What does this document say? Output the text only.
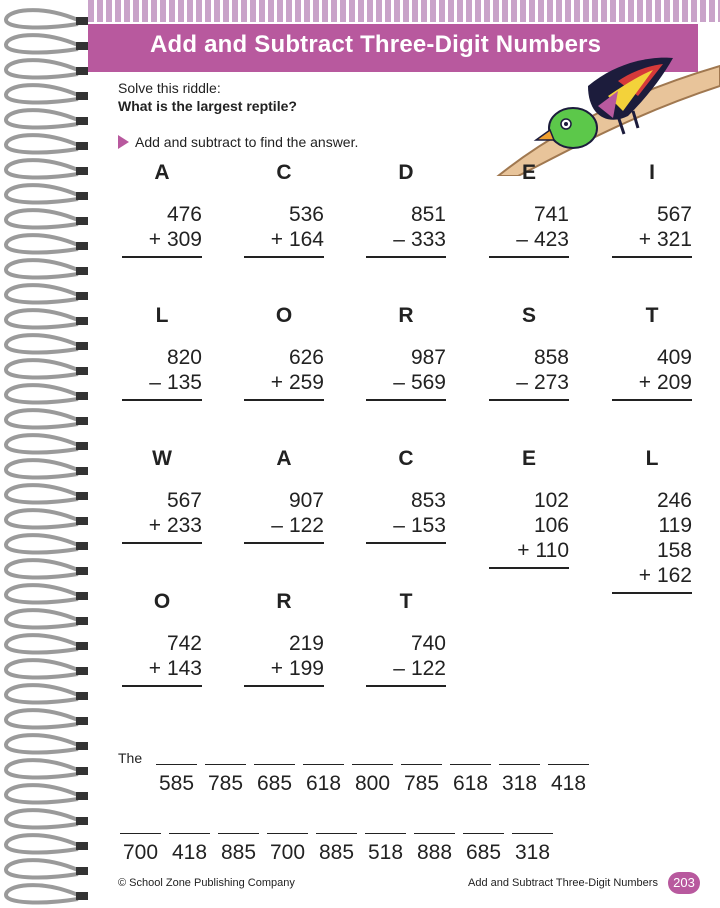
Add and Subtract Three-Digit Numbers
Solve this riddle:
What is the largest reptile?
Add and subtract to find the answer.
A
476
+ 309
C
536
+ 164
D
851
– 333
E
741
– 423
I
567
+ 321
L
820
– 135
O
626
+ 259
R
987
– 569
S
858
– 273
T
409
+ 209
W
567
+ 233
A
907
– 122
C
853
– 153
E
102
106
+ 110
L
246
119
158
+ 162
O
742
+ 143
R
219
+ 199
T
740
– 122
The
585 785 685 618 800 785 618 318 418
700 418 885 700 885 518 888 685 318
© School Zone Publishing Company	Add and Subtract Three-Digit Numbers	203
